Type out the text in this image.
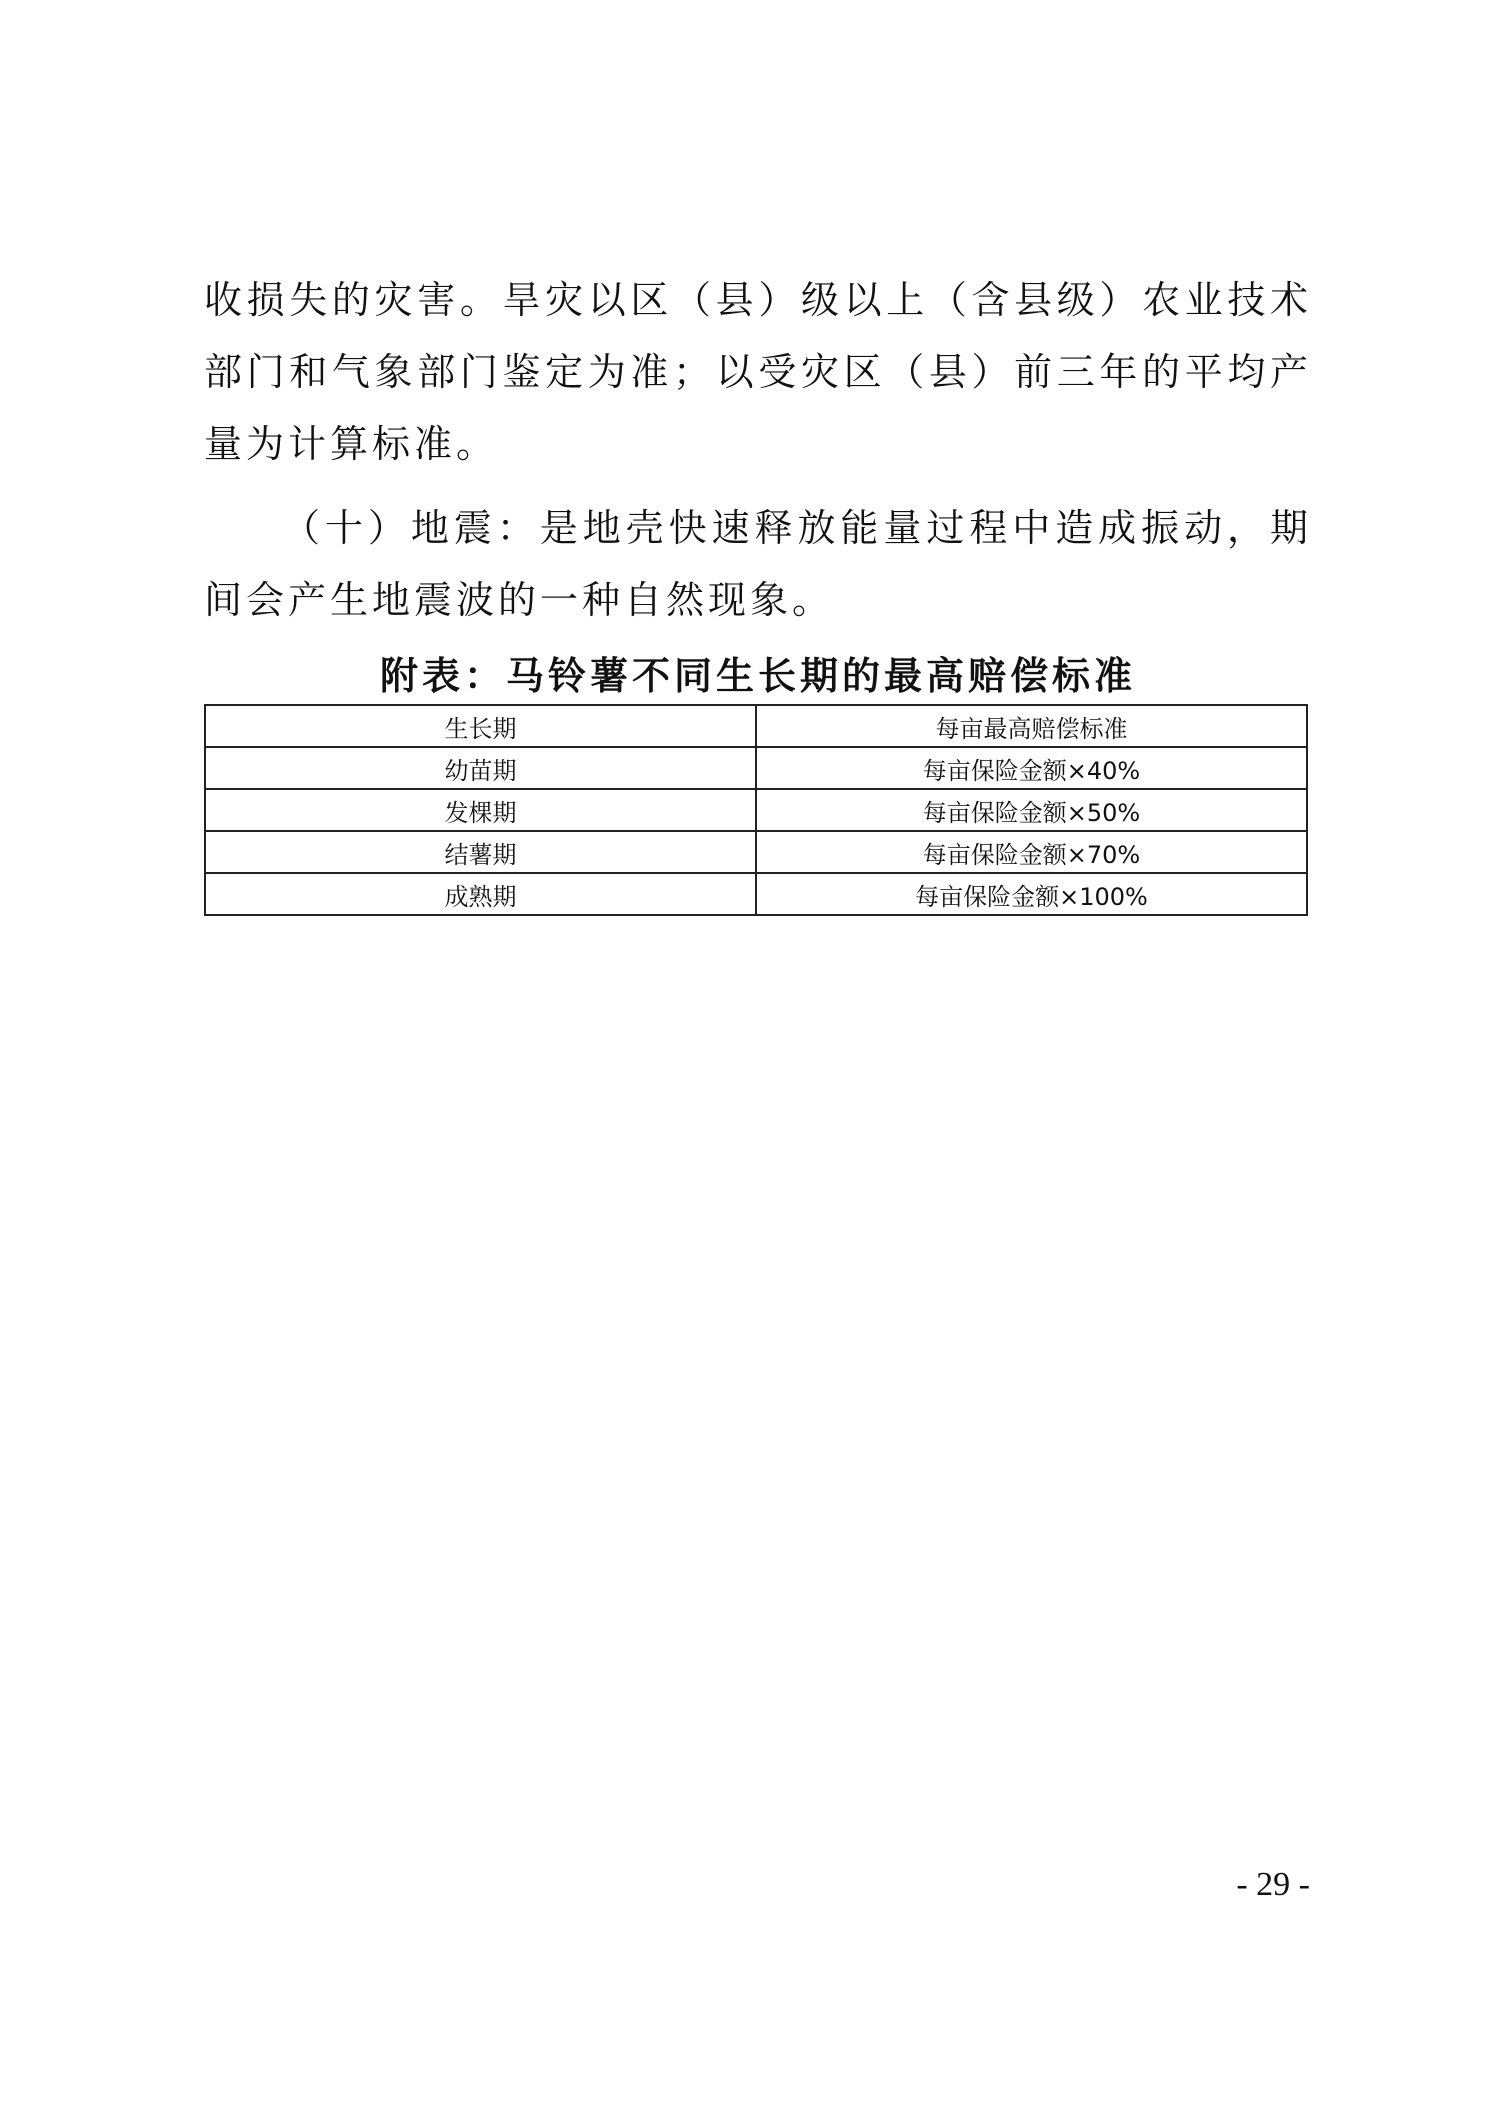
收损失的灾害。旱灾以区（县）级以上（含县级）农业技术部门和气象部门鉴定为准；以受灾区（县）前三年的平均产量为计算标准。

（十）地震：是地壳快速释放能量过程中造成振动，期间会产生地震波的一种自然现象。

附表：马铃薯不同生长期的最高赔偿标准
生长期	每亩最高赔偿标准
幼苗期	每亩保险金额×40%
发棵期	每亩保险金额×50%
结薯期	每亩保险金额×70%
成熟期	每亩保险金额×100%
- 29 -
